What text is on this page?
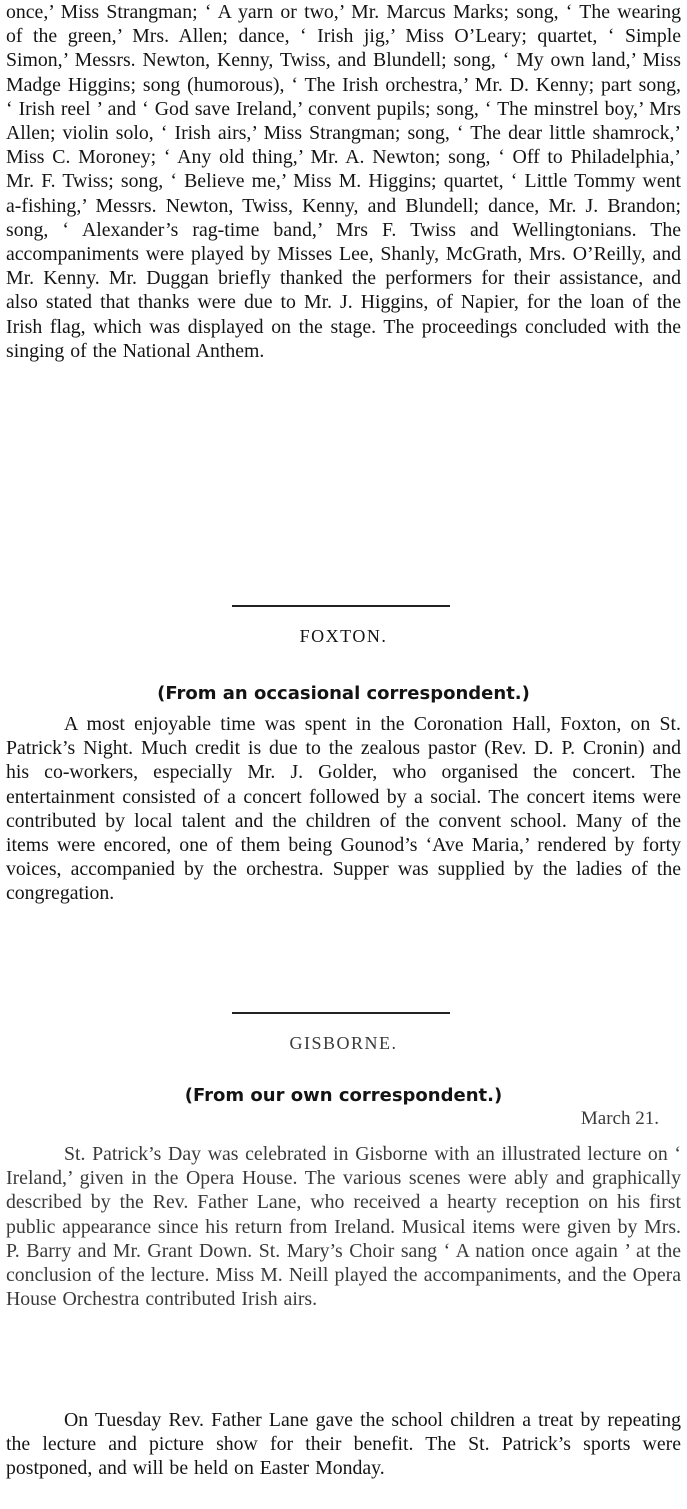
once,’ Miss Strangman; ‘ A yarn or two,’ Mr. Marcus Marks; song, ‘ The wearing of the green,’ Mrs. Allen; dance, ‘ Irish jig,’ Miss O’Leary; quartet, ‘ Simple Simon,’ Messrs. Newton, Kenny, Twiss, and Blundell; song, ‘ My own land,’ Miss Madge Higgins; song (humorous), ‘ The Irish orchestra,’ Mr. D. Kenny; part song, ‘ Irish reel ’ and ‘ God save Ireland,’ convent pupils; song, ‘ The minstrel boy,’ Mrs Allen; violin solo, ‘ Irish airs,’ Miss Strangman; song, ‘ The dear little shamrock,’ Miss C. Moroney; ‘ Any old thing,’ Mr. A. Newton; song, ‘ Off to Philadelphia,’ Mr. F. Twiss; song, ‘ Believe me,’ Miss M. Higgins; quartet, ‘ Little Tommy went a-fishing,’ Messrs. Newton, Twiss, Kenny, and Blundell; dance, Mr. J. Brandon; song, ‘ Alexander’s rag-time band,’ Mrs F. Twiss and Wellingtonians. The accompaniments were played by Misses Lee, Shanly, McGrath, Mrs. O’Reilly, and Mr. Kenny. Mr. Duggan briefly thanked the performers for their assistance, and also stated that thanks were due to Mr. J. Higgins, of Napier, for the loan of the Irish flag, which was displayed on the stage. The proceedings concluded with the singing of the National Anthem.

FOXTON.

(From an occasional correspondent.)

A most enjoyable time was spent in the Coronation Hall, Foxton, on St. Patrick’s Night. Much credit is due to the zealous pastor (Rev. D. P. Cronin) and his co-workers, especially Mr. J. Golder, who organised the concert. The entertainment consisted of a concert followed by a social. The concert items were contributed by local talent and the children of the convent school. Many of the items were encored, one of them being Gounod’s ‘Ave Maria,’ rendered by forty voices, accompanied by the orchestra. Supper was supplied by the ladies of the congregation.

GISBORNE.

(From our own correspondent.)

March 21.

St. Patrick’s Day was celebrated in Gisborne with an illustrated lecture on ‘ Ireland,’ given in the Opera House. The various scenes were ably and graphically described by the Rev. Father Lane, who received a hearty reception on his first public appearance since his return from Ireland. Musical items were given by Mrs. P. Barry and Mr. Grant Down. St. Mary’s Choir sang ‘ A nation once again ’ at the conclusion of the lecture. Miss M. Neill played the accompaniments, and the Opera House Orchestra contributed Irish airs.

On Tuesday Rev. Father Lane gave the school children a treat by repeating the lecture and picture show for their benefit. The St. Patrick’s sports were postponed, and will be held on Easter Monday.
